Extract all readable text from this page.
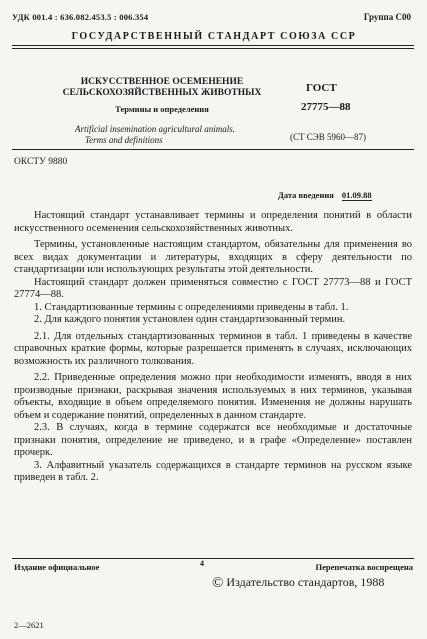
УДК 001.4 : 636.082.453.5 : 006.354	Группа С00
ГОСУДАРСТВЕННЫЙ СТАНДАРТ СОЮЗА ССР
ИСКУССТВЕННОЕ ОСЕМЕНЕНИЕ
СЕЛЬСКОХОЗЯЙСТВЕННЫХ ЖИВОТНЫХ
Термины и определения
Artificial insemination agricultural animals.
Terms and definitions
ГОСТ
27775—88
(СТ СЭВ 5960—87)
ОКСТУ 9880
Дата введения 01.09.88

Настоящий стандарт устанавливает термины и определения понятий в области искусственного осеменения сельскохозяйственных животных.

Термины, установленные настоящим стандартом, обязательны для применения во всех видах документации и литературы, входящих в сферу деятельности по стандартизации или использующих результаты этой деятельности.

Настоящий стандарт должен применяться совместно с ГОСТ 27773—88 и ГОСТ 27774—88.

1. Стандартизованные термины с определениями приведены в табл. 1.

2. Для каждого понятия установлен один стандартизованный термин.

2.1. Для отдельных стандартизованных терминов в табл. 1 приведены в качестве справочных краткие формы, которые разрешается применять в случаях, исключающих возможность их различного толкования.

2.2. Приведенные определения можно при необходимости изменять, вводя в них производные признаки, раскрывая значения используемых в них терминов, указывая объекты, входящие в объем определяемого понятия. Изменения не должны нарушать объем и содержание понятий, определенных в данном стандарте.

2.3. В случаях, когда в термине содержатся все необходимые и достаточные признаки понятия, определение не приведено, и в графе «Определение» поставлен прочерк.

3. Алфавитный указатель содержащихся в стандарте терминов на русском языке приведен в табл. 2.

4
Издание официальное	Перепечатка воспрещена
© Издательство стандартов, 1988
2—2621
